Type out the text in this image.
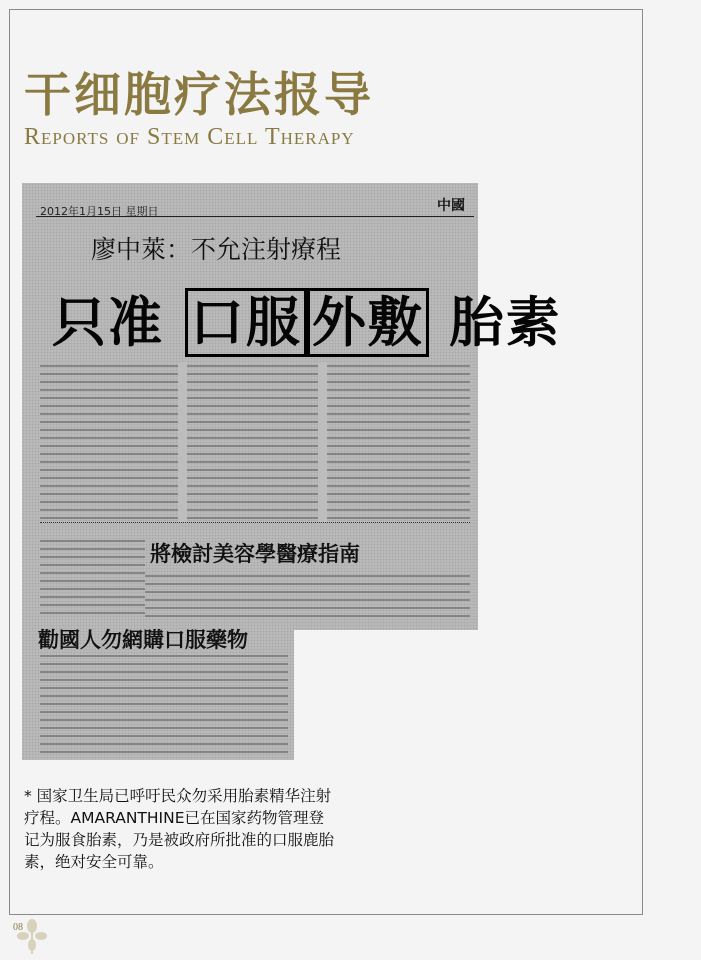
干细胞疗法报导
Reports of Stem Cell Therapy
2012年1月15日 星期日	中國
廖中萊：不允注射療程
只准 口服 外敷 胎素
將檢討美容學醫療指南
勸國人勿網購口服藥物
* 国家卫生局已呼吁民众勿采用胎素精华注射疗程。AMARANTHINE已在国家药物管理登记为服食胎素，乃是被政府所批准的口服鹿胎素，绝对安全可靠。
08
